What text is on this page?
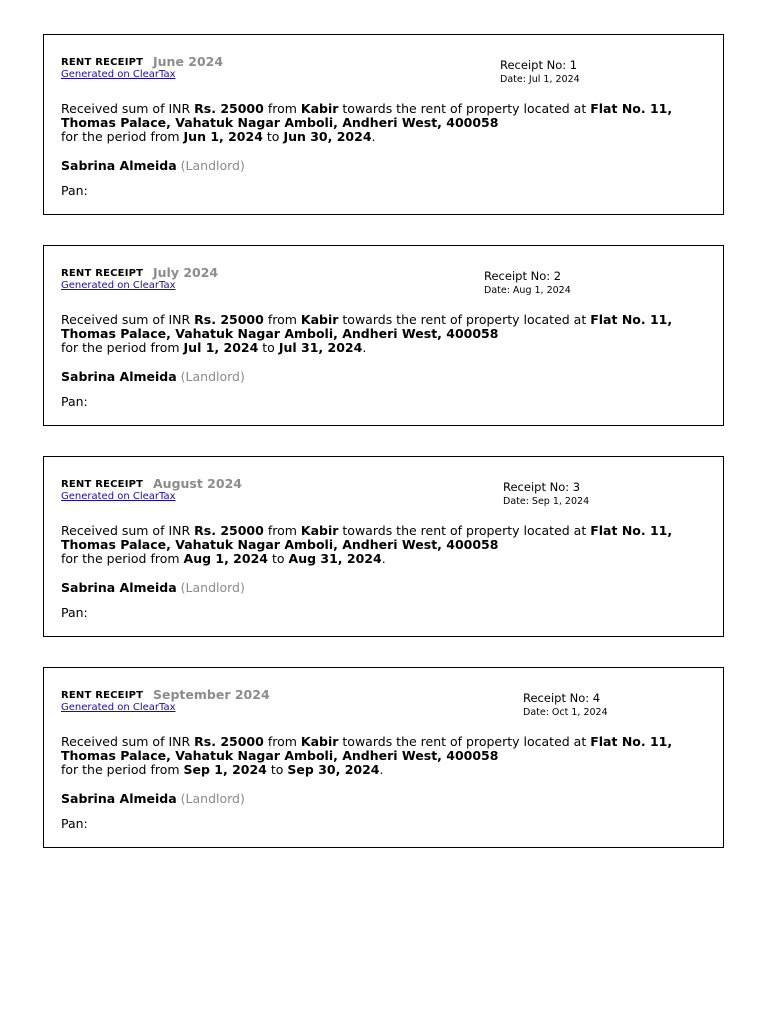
RENT RECEIPT June 2024
Generated on ClearTax
Receipt No: 1
Date: Jul 1, 2024
Received sum of INR Rs. 25000 from Kabir towards the rent of property located at Flat No. 11, Thomas Palace, Vahatuk Nagar Amboli, Andheri West, 400058
for the period from Jun 1, 2024 to Jun 30, 2024.
Sabrina Almeida (Landlord)
Pan:
RENT RECEIPT July 2024
Generated on ClearTax
Receipt No: 2
Date: Aug 1, 2024
Received sum of INR Rs. 25000 from Kabir towards the rent of property located at Flat No. 11, Thomas Palace, Vahatuk Nagar Amboli, Andheri West, 400058
for the period from Jul 1, 2024 to Jul 31, 2024.
Sabrina Almeida (Landlord)
Pan:
RENT RECEIPT August 2024
Generated on ClearTax
Receipt No: 3
Date: Sep 1, 2024
Received sum of INR Rs. 25000 from Kabir towards the rent of property located at Flat No. 11, Thomas Palace, Vahatuk Nagar Amboli, Andheri West, 400058
for the period from Aug 1, 2024 to Aug 31, 2024.
Sabrina Almeida (Landlord)
Pan:
RENT RECEIPT September 2024
Generated on ClearTax
Receipt No: 4
Date: Oct 1, 2024
Received sum of INR Rs. 25000 from Kabir towards the rent of property located at Flat No. 11, Thomas Palace, Vahatuk Nagar Amboli, Andheri West, 400058
for the period from Sep 1, 2024 to Sep 30, 2024.
Sabrina Almeida (Landlord)
Pan:
